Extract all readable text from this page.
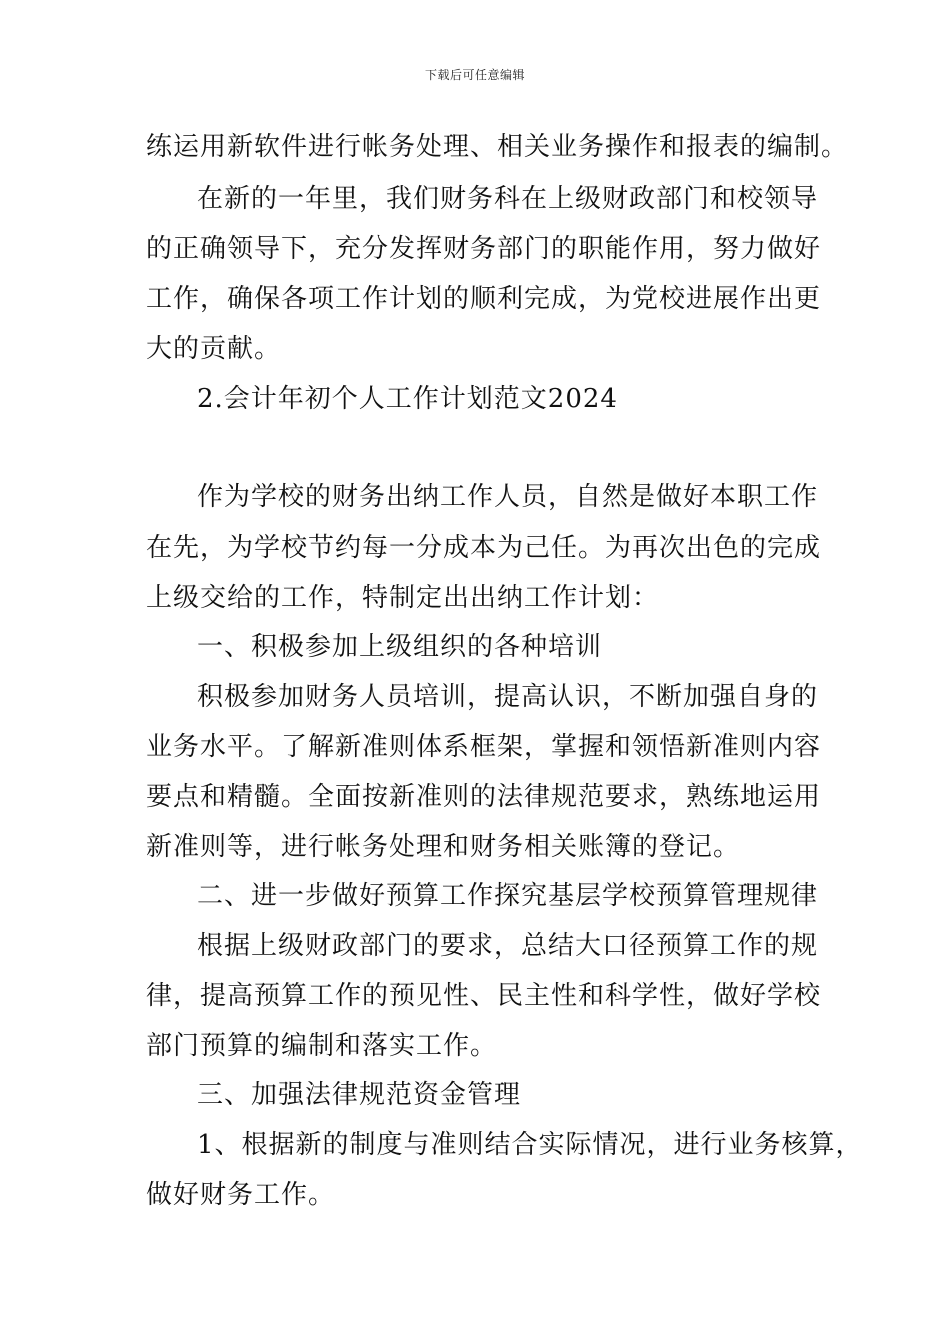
下载后可任意编辑
练运用新软件进行帐务处理、相关业务操作和报表的编制。
在新的一年里，我们财务科在上级财政部门和校领导
的正确领导下，充分发挥财务部门的职能作用，努力做好
工作，确保各项工作计划的顺利完成，为党校进展作出更
大的贡献。
2.会计年初个人工作计划范文2024
作为学校的财务出纳工作人员，自然是做好本职工作
在先，为学校节约每一分成本为己任。为再次出色的完成
上级交给的工作，特制定出出纳工作计划：
一、积极参加上级组织的各种培训
积极参加财务人员培训，提高认识，不断加强自身的
业务水平。了解新准则体系框架，掌握和领悟新准则内容
要点和精髓。全面按新准则的法律规范要求，熟练地运用
新准则等，进行帐务处理和财务相关账簿的登记。
二、进一步做好预算工作探究基层学校预算管理规律
根据上级财政部门的要求，总结大口径预算工作的规
律，提高预算工作的预见性、民主性和科学性，做好学校
部门预算的编制和落实工作。
三、加强法律规范资金管理
1、根据新的制度与准则结合实际情况，进行业务核算，
做好财务工作。
